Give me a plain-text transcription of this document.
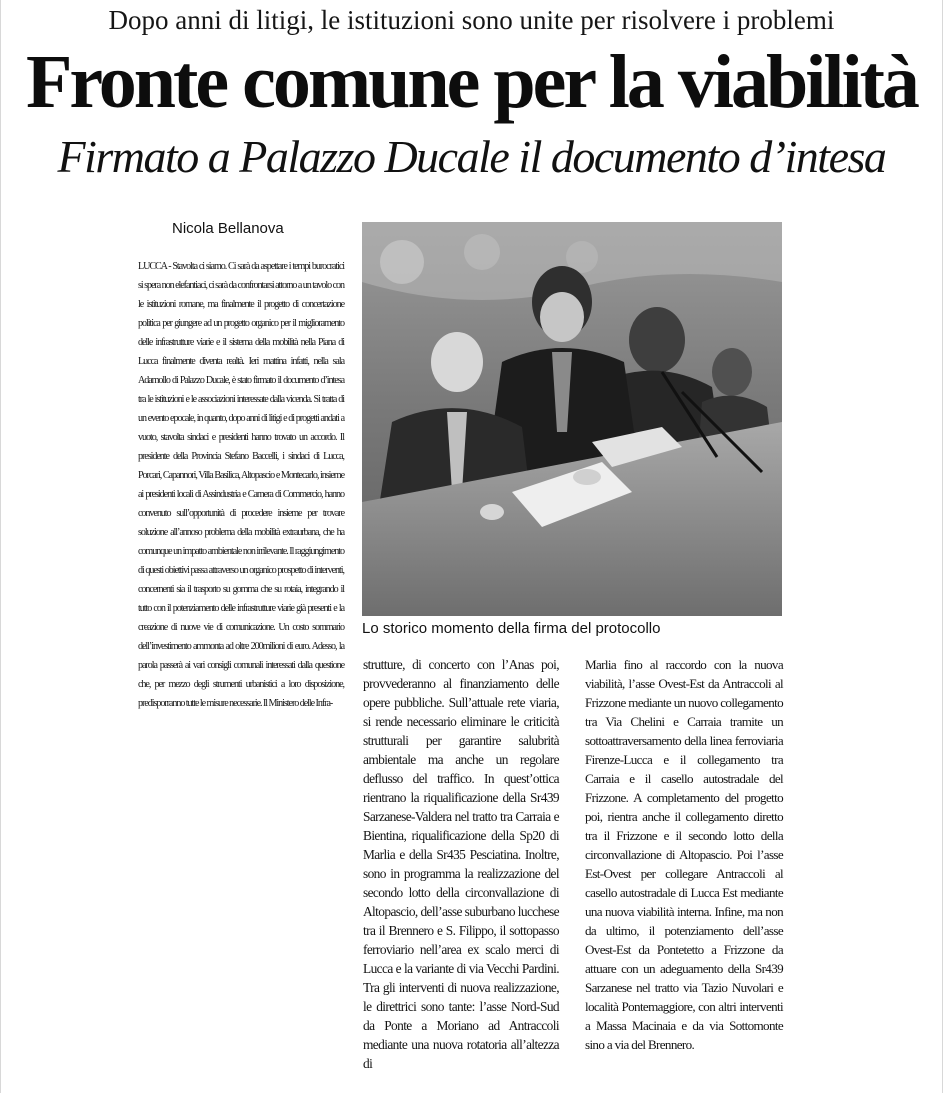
Dopo anni di litigi, le istituzioni sono unite per risolvere i problemi
Fronte comune per la viabilità
Firmato a Palazzo Ducale il documento d’intesa
Nicola Bellanova

LUCCA - Stavolta ci siamo. Ci sarà da aspettare i tempi burocratici si spera non elefantiaci, ci sarà da confrontarsi attorno a un tavolo con le istituzioni romane, ma finalmente il progetto di concertazione politica per giungere ad un progetto organico per il miglioramento delle infrastrutture viarie e il sistema della mobilità nella Piana di Lucca finalmente diventa realtà. Ieri mattina infatti, nella sala Adamollo di Palazzo Ducale, è stato firmato il documento d’intesa tra le istituzioni e le associazioni interessate dalla vicenda. Si tratta di un evento epocale, in quanto, dopo anni di litigi e di progetti andati a vuoto, stavolta sindaci e presidenti hanno trovato un accordo. Il presidente della Provincia Stefano Baccelli, i sindaci di Lucca, Porcari, Capannori, Villa Basilica, Altopascio e Montecarlo, insieme ai presidenti locali di Assindustria e Camera di Commercio, hanno convenuto sull’opportunità di procedere insieme per trovare soluzione all’annoso problema della mobilità extraurbana, che ha comunque un impatto ambientale non irrilevante. Il raggiungimento di questi obiettivi passa attraverso un organico prospetto di interventi, concernenti sia il trasporto su gomma che su rotaia, integrando il tutto con il potenziamento delle infrastrutture viarie già presenti e la creazione di nuove vie di comunicazione. Un costo sommario dell’investimento ammonta ad oltre 200milioni di euro. Adesso, la parola passerà ai vari consigli comunali interessati dalla questione che, per mezzo degli strumenti urbanistici a loro disposizione, predisporranno tutte le misure necessarie. Il Ministero delle Infra-

Lo storico momento della firma del protocollo

strutture, di concerto con l’Anas poi, provvederanno al finanziamento delle opere pubbliche. Sull’attuale rete viaria, si rende necessario eliminare le criticità strutturali per garantire salubrità ambientale ma anche un regolare deflusso del traffico. In quest’ottica rientrano la riqualificazione della Sr439 Sarzanese-Valdera nel tratto tra Carraia e Bientina, riqualificazione della Sp20 di Marlia e della Sr435 Pesciatina. Inoltre, sono in programma la realizzazione del secondo lotto della circonvallazione di Altopascio, dell’asse suburbano lucchese tra il Brennero e S. Filippo, il sottopasso ferroviario nell’area ex scalo merci di Lucca e la variante di via Vecchi Pardini. Tra gli interventi di nuova realizzazione, le direttrici sono tante: l’asse Nord-Sud da Ponte a Moriano ad Antraccoli mediante una nuova rotatoria all’altezza di

Marlia fino al raccordo con la nuova viabilità, l’asse Ovest-Est da Antraccoli al Frizzone mediante un nuovo collegamento tra Via Chelini e Carraia tramite un sottoattraversamento della linea ferroviaria Firenze-Lucca e il collegamento tra Carraia e il casello autostradale del Frizzone. A completamento del progetto poi, rientra anche il collegamento diretto tra il Frizzone e il secondo lotto della circonvallazione di Altopascio. Poi l’asse Est-Ovest per collegare Antraccoli al casello autostradale di Lucca Est mediante una nuova viabilità interna. Infine, ma non da ultimo, il potenziamento dell’asse Ovest-Est da Pontetetto a Frizzone da attuare con un adeguamento della Sr439 Sarzanese nel tratto via Tazio Nuvolari e località Pontemaggiore, con altri interventi a Massa Macinaia e da via Sottomonte sino a via del Brennero.
